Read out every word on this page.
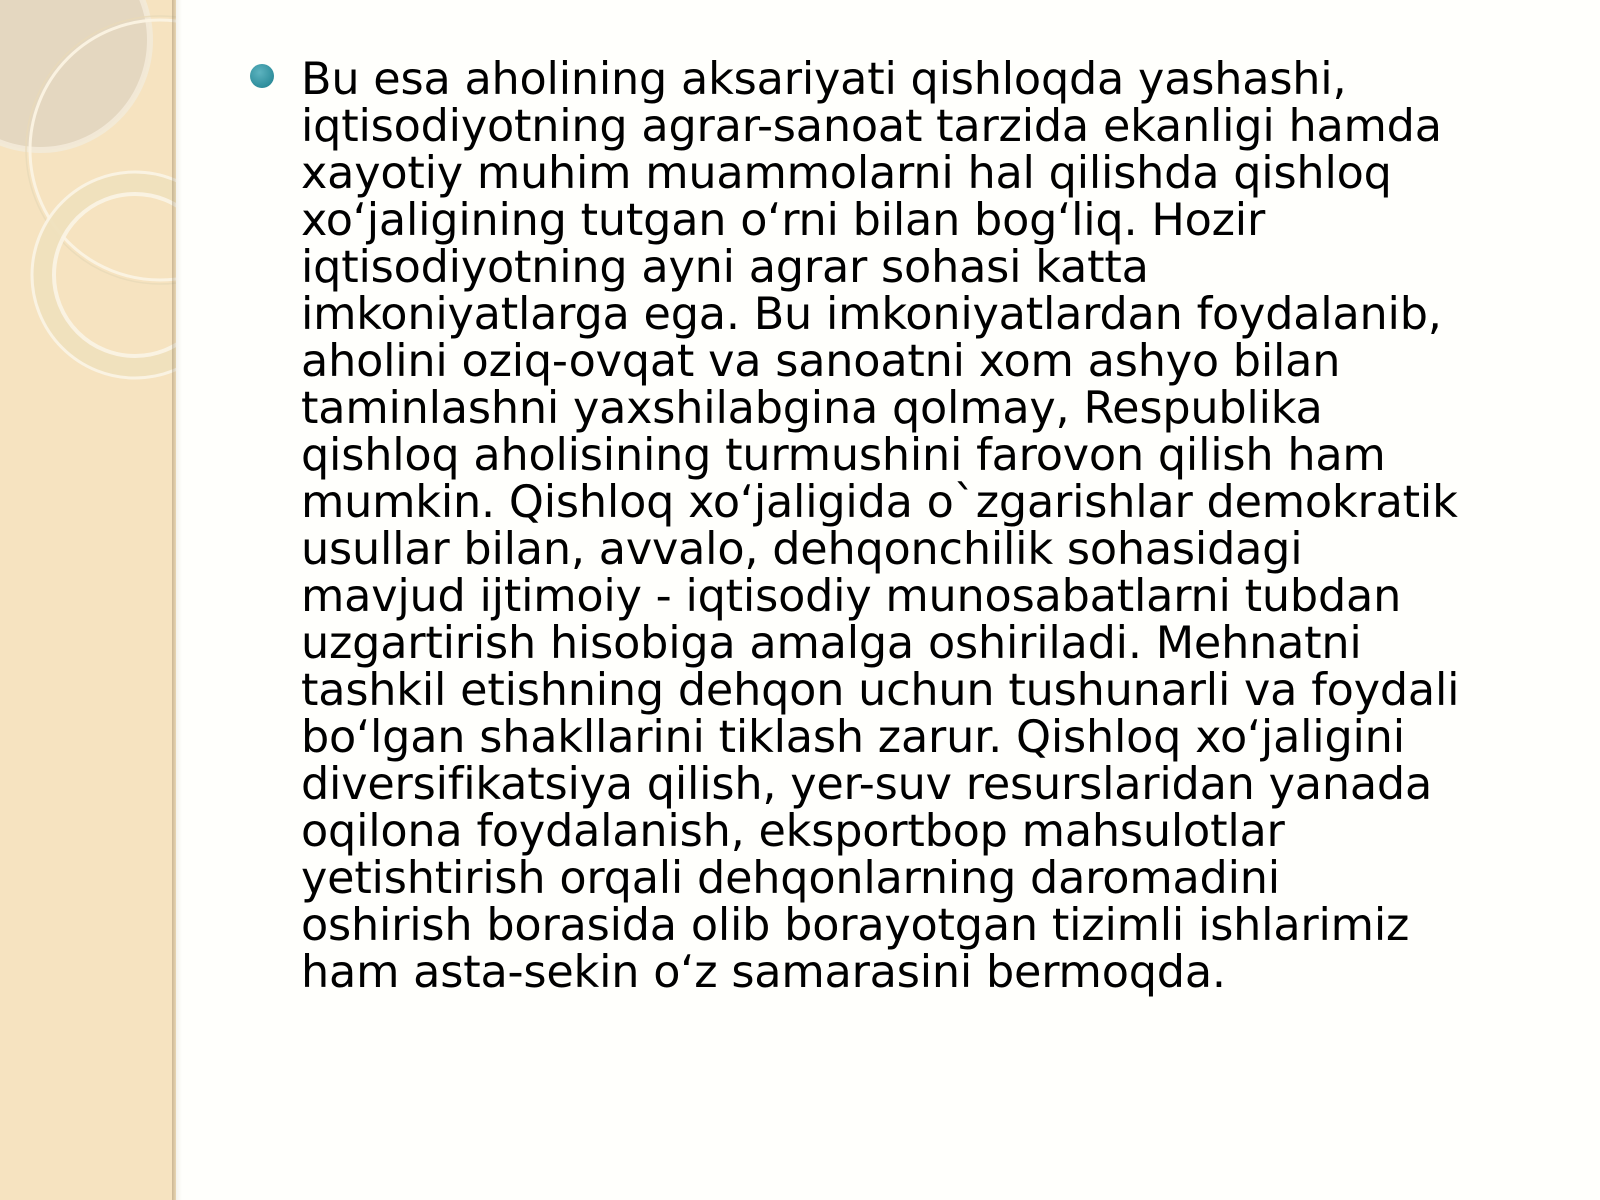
Bu esa aholining aksariyati qishloqda yashashi,
iqtisodiyotning agrar-sanoat tarzida ekanligi hamda
xayotiy muhim muammolarni hal qilishda qishloq
xo‘jaligining tutgan o‘rni bilan bog‘liq. Hozir
iqtisodiyotning ayni agrar sohasi katta
imkoniyatlarga ega. Bu imkoniyatlardan foydalanib,
aholini oziq-ovqat va sanoatni xom ashyo bilan
taminlashni yaxshilabgina qolmay, Respublika
qishloq aholisining turmushini farovon qilish ham
mumkin. Qishloq xo‘jaligida o`zgarishlar demokratik
usullar bilan, avvalo, dehqonchilik sohasidagi
mavjud ijtimoiy - iqtisodiy munosabatlarni tubdan
uzgartirish hisobiga amalga oshiriladi. Mehnatni
tashkil etishning dehqon uchun tushunarli va foydali
bo‘lgan shakllarini tiklash zarur. Qishloq xo‘jaligini
diversifikatsiya qilish, yer-suv resurslaridan yanada
oqilona foydalanish, eksportbop mahsulotlar
yetishtirish orqali dehqonlarning daromadini
oshirish borasida olib borayotgan tizimli ishlarimiz
ham asta-sekin o‘z samarasini bermoqda.
